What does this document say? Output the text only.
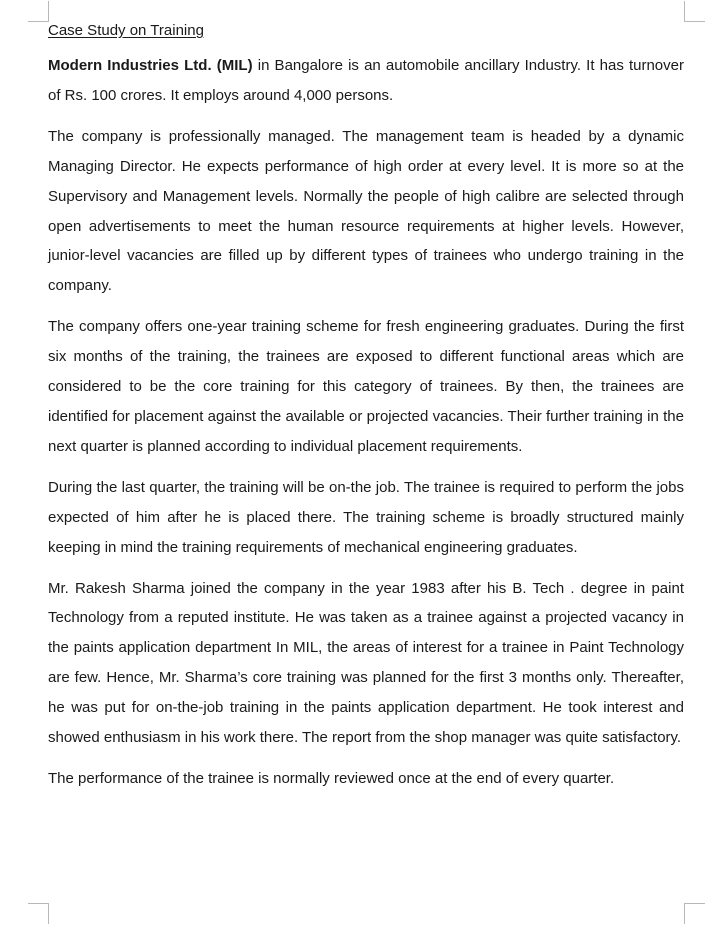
Case Study on Training

Modern Industries Ltd. (MIL) in Bangalore is an automobile ancillary Industry. It has turnover of Rs. 100 crores. It employs around 4,000 persons.

The company is professionally managed. The management team is headed by a dynamic Managing Director. He expects performance of high order at every level. It is more so at the Supervisory and Management levels. Normally the people of high calibre are selected through open advertisements to meet the human resource requirements at higher levels. However, junior-level vacancies are filled up by different types of trainees who undergo training in the company.

The company offers one-year training scheme for fresh engineering graduates. During the first six months of the training, the trainees are exposed to different functional areas which are considered to be the core training for this category of trainees. By then, the trainees are identified for placement against the available or projected vacancies. Their further training in the next quarter is planned according to individual placement requirements.

During the last quarter, the training will be on-the job. The trainee is required to perform the jobs expected of him after he is placed there. The training scheme is broadly structured mainly keeping in mind the training requirements of mechanical engineering graduates.

Mr. Rakesh Sharma joined the company in the year 1983 after his B. Tech . degree in paint Technology from a reputed institute. He was taken as a trainee against a projected vacancy in the paints application department In MIL, the areas of interest for a trainee in Paint Technology are few. Hence, Mr. Sharma’s core training was planned for the first 3 months only. Thereafter, he was put for on-the-job training in the paints application department. He took interest and showed enthusiasm in his work there. The report from the shop manager was quite satisfactory.

The performance of the trainee is normally reviewed once at the end of every quarter.
